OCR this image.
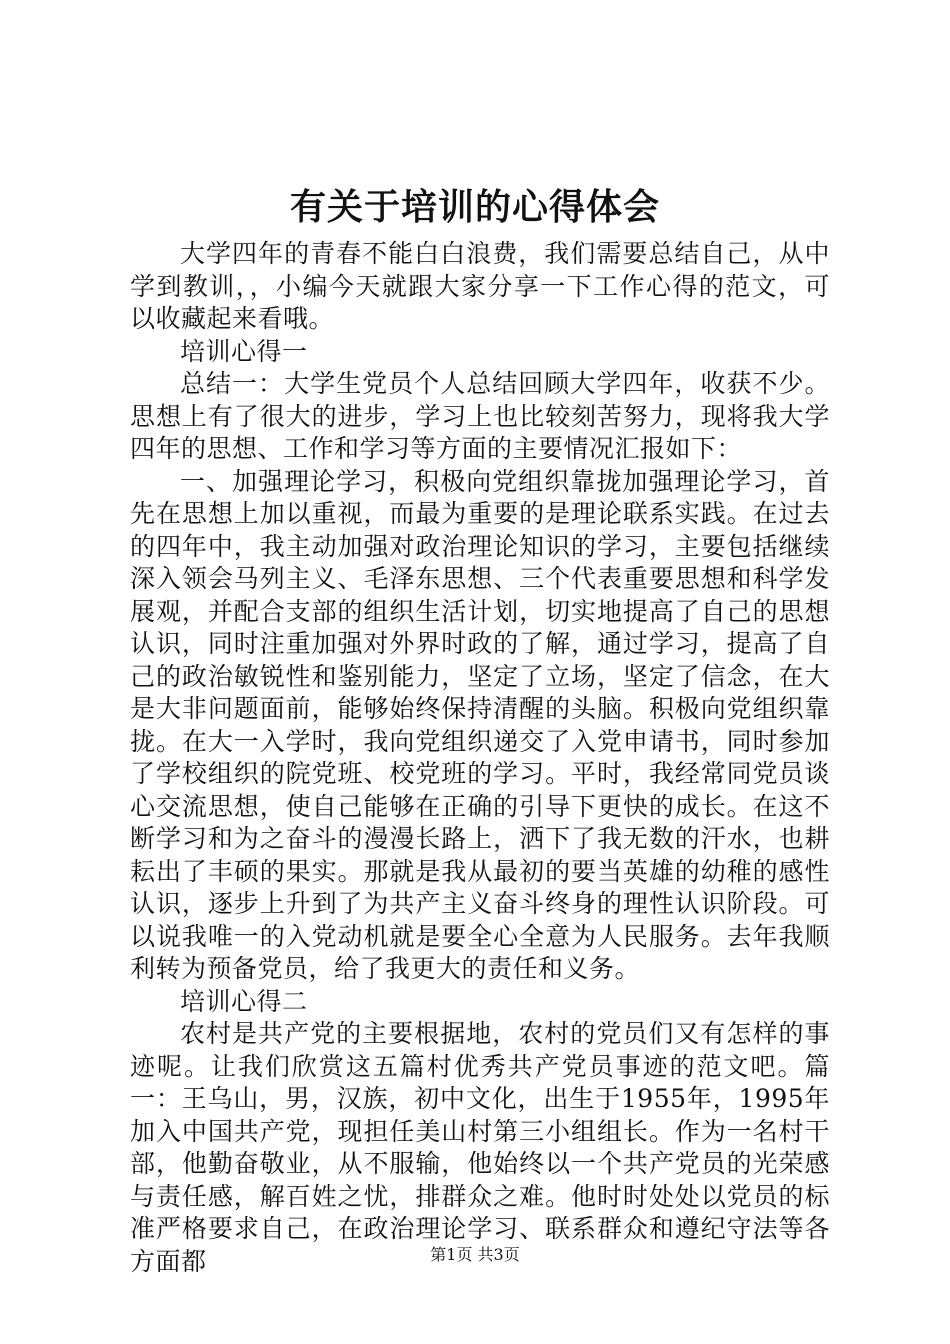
有关于培训的心得体会

大学四年的青春不能白白浪费，我们需要总结自己，从中学到教训，，小编今天就跟大家分享一下工作心得的范文，可以收藏起来看哦。

培训心得一

总结一：大学生党员个人总结回顾大学四年，收获不少。思想上有了很大的进步，学习上也比较刻苦努力，现将我大学四年的思想、工作和学习等方面的主要情况汇报如下：

一、加强理论学习，积极向党组织靠拢加强理论学习，首先在思想上加以重视，而最为重要的是理论联系实践。在过去的四年中，我主动加强对政治理论知识的学习，主要包括继续深入领会马列主义、毛泽东思想、三个代表重要思想和科学发展观，并配合支部的组织生活计划，切实地提高了自己的思想认识，同时注重加强对外界时政的了解，通过学习，提高了自己的政治敏锐性和鉴别能力，坚定了立场，坚定了信念，在大是大非问题面前，能够始终保持清醒的头脑。积极向党组织靠拢。在大一入学时，我向党组织递交了入党申请书，同时参加了学校组织的院党班、校党班的学习。平时，我经常同党员谈心交流思想，使自己能够在正确的引导下更快的成长。在这不断学习和为之奋斗的漫漫长路上，洒下了我无数的汗水，也耕耘出了丰硕的果实。那就是我从最初的要当英雄的幼稚的感性认识，逐步上升到了为共产主义奋斗终身的理性认识阶段。可以说我唯一的入党动机就是要全心全意为人民服务。去年我顺利转为预备党员，给了我更大的责任和义务。

培训心得二

农村是共产党的主要根据地，农村的党员们又有怎样的事迹呢。让我们欣赏这五篇村优秀共产党员事迹的范文吧。篇一：王乌山，男，汉族，初中文化，出生于1955年，1995年加入中国共产党，现担任美山村第三小组组长。作为一名村干部，他勤奋敬业，从不服输，他始终以一个共产党员的光荣感与责任感，解百姓之忧，排群众之难。他时时处处以党员的标准严格要求自己，在政治理论学习、联系群众和遵纪守法等各方面都	第1页 共3页
